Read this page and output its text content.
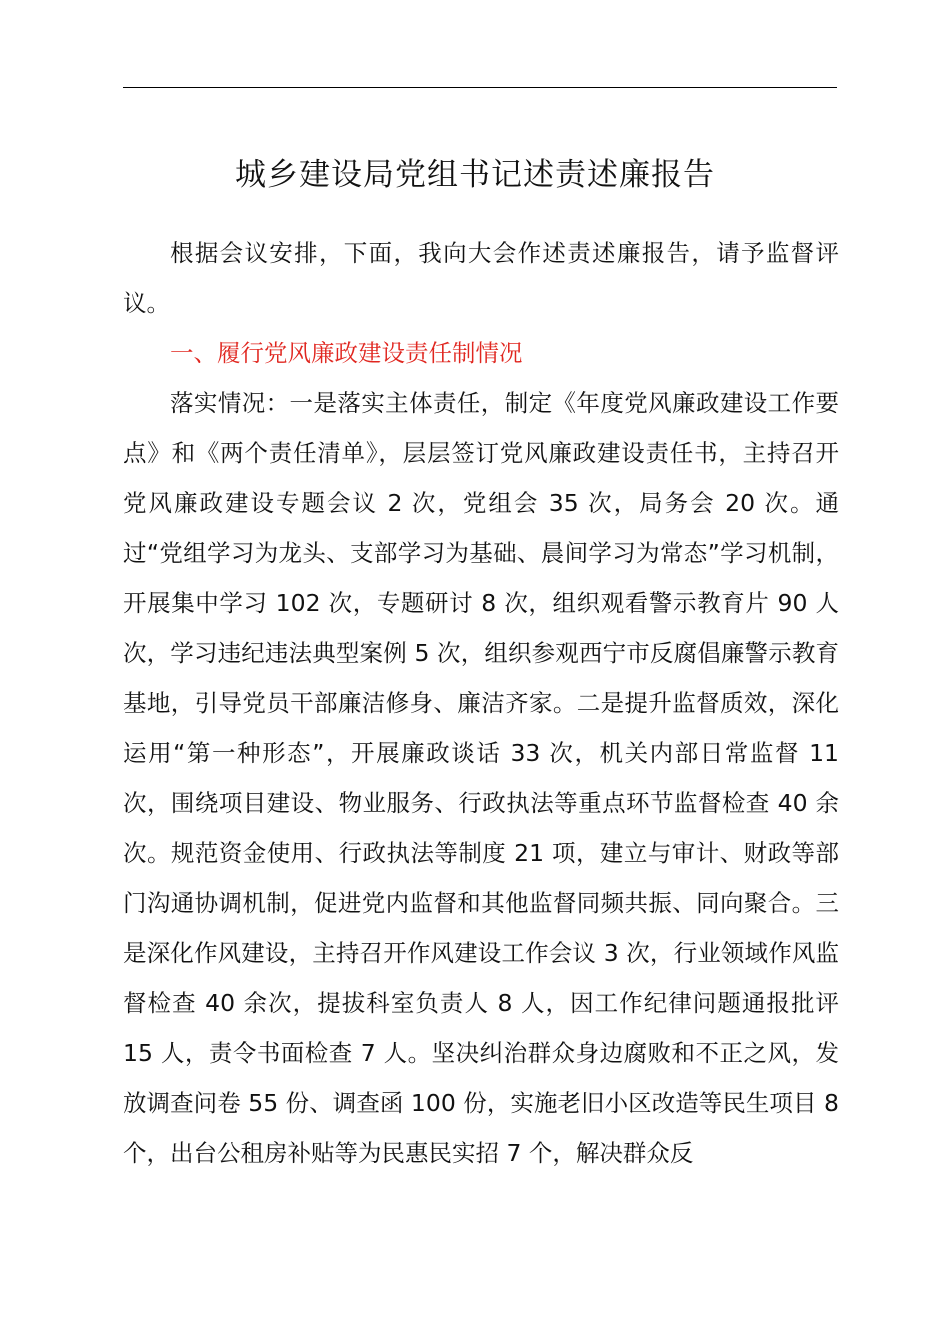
城乡建设局党组书记述责述廉报告

根据会议安排，下面，我向大会作述责述廉报告，请予监督评议。

一、履行党风廉政建设责任制情况

落实情况：一是落实主体责任，制定《年度党风廉政建设工作要点》和《两个责任清单》，层层签订党风廉政建设责任书，主持召开党风廉政建设专题会议 2 次，党组会 35 次，局务会 20 次。通过“党组学习为龙头、支部学习为基础、晨间学习为常态”学习机制，开展集中学习 102 次，专题研讨 8 次，组织观看警示教育片 90 人次，学习违纪违法典型案例 5 次，组织参观西宁市反腐倡廉警示教育基地，引导党员干部廉洁修身、廉洁齐家。二是提升监督质效，深化运用“第一种形态”，开展廉政谈话 33 次，机关内部日常监督 11 次，围绕项目建设、物业服务、行政执法等重点环节监督检查 40 余次。规范资金使用、行政执法等制度 21 项，建立与审计、财政等部门沟通协调机制，促进党内监督和其他监督同频共振、同向聚合。三是深化作风建设，主持召开作风建设工作会议 3 次，行业领域作风监督检查 40 余次，提拔科室负责人 8 人，因工作纪律问题通报批评 15 人，责令书面检查 7 人。坚决纠治群众身边腐败和不正之风，发放调查问卷 55 份、调查函 100 份，实施老旧小区改造等民生项目 8 个，出台公租房补贴等为民惠民实招 7 个，解决群众反
